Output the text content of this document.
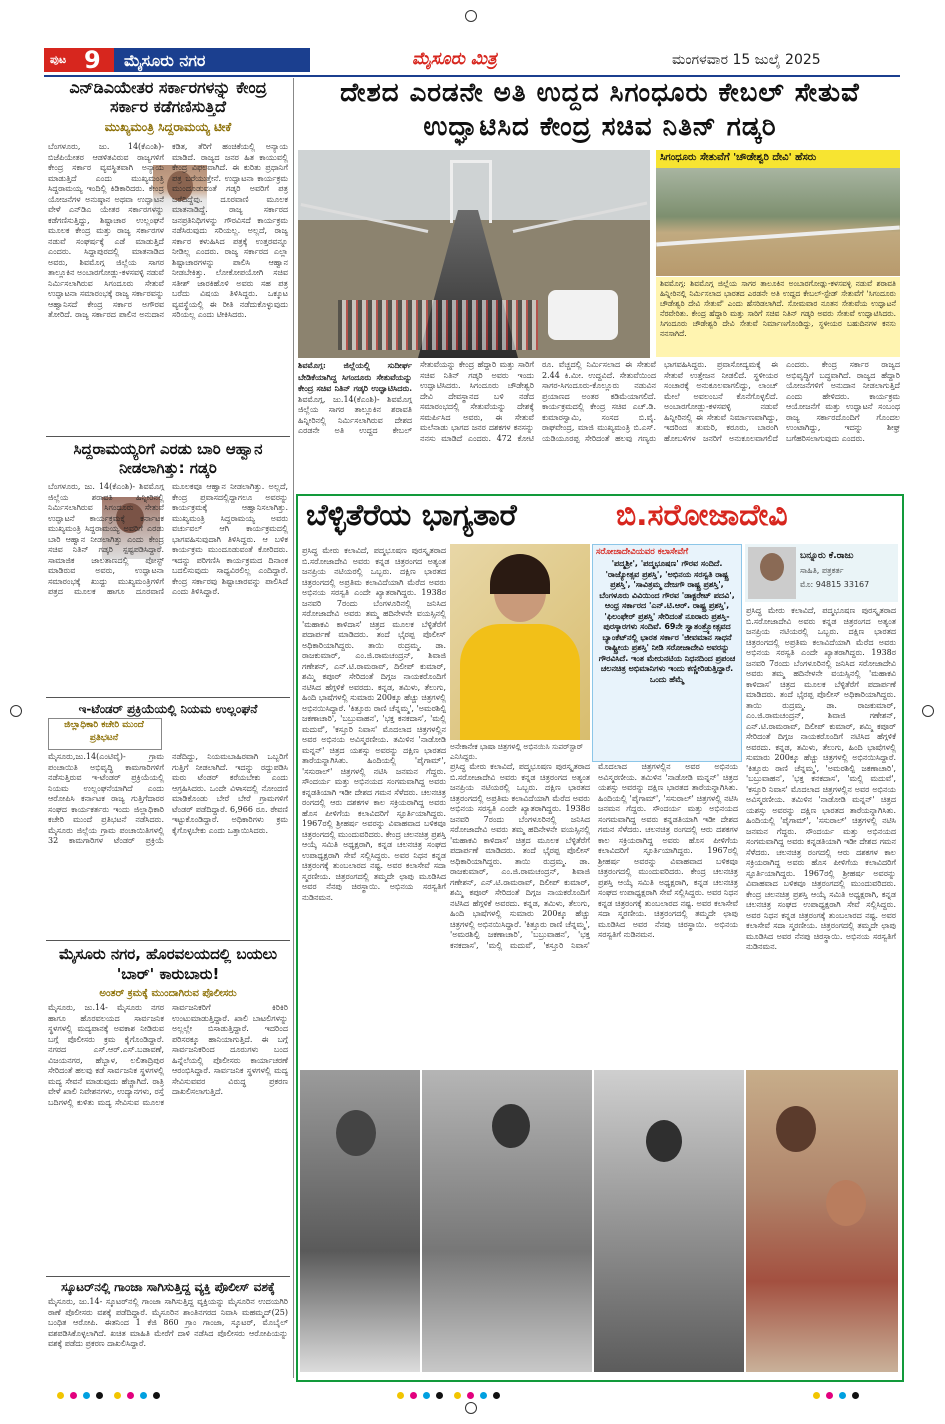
ಪುಟ 9 ಮೈಸೂರು ನಗರ	ಮೈಸೂರು ಮಿತ್ರ	ಮಂಗಳವಾರ 15 ಜುಲೈ 2025
ಎನ್‌ಡಿಎಯೇತರ ಸರ್ಕಾರಗಳನ್ನು ಕೇಂದ್ರ ಸರ್ಕಾರ ಕಡೆಗಣಿಸುತ್ತಿದೆ
ಮುಖ್ಯಮಂತ್ರಿ ಸಿದ್ದರಾಮಯ್ಯ ಟೀಕೆ
ಬೆಂಗಳೂರು, ಜು. 14(ಕೆಎಂಶಿ)- ಬಿಜೆಪಿಯೇತರ ಆಡಳಿತವಿರುವ ರಾಜ್ಯಗಳಿಗೆ ಕೇಂದ್ರ ಸರ್ಕಾರ ವ್ಯವಸ್ಥಿತವಾಗಿ ಅನ್ಯಾಯ ಮಾಡುತ್ತಿದೆ ಎಂದು ಮುಖ್ಯಮಂತ್ರಿ ಸಿದ್ದರಾಮಯ್ಯ ಇಂದಿಲ್ಲಿ ಕಿಡಿಕಾರಿದರು. ಕೇಂದ್ರ ಯೋಜನೆಗಳ ಅನುಷ್ಠಾನ ಅಥವಾ ಉದ್ಘಾಟನೆ ವೇಳೆ ಎನ್‌ಡಿಎ ಯೇತರ ಸರ್ಕಾರಗಳನ್ನು ಕಡೆಗಣಿಸುತ್ತಿದ್ದು, ಶಿಷ್ಟಾಚಾರ ಉಲ್ಲಂಘನೆ ಮೂಲಕ ಕೇಂದ್ರ ಮತ್ತು ರಾಜ್ಯ ಸರ್ಕಾರಗಳ ನಡುವೆ ಸಂಘರ್ಷಕ್ಕೆ ಎಡೆ ಮಾಡುತ್ತಿದೆ ಎಂದರು. ಸಿದ್ದಾಪುರದಲ್ಲಿ ಮಾತನಾಡಿದ ಅವರು, ಶಿವಮೊಗ್ಗ ಜಿಲ್ಲೆಯ ಸಾಗರ ತಾಲ್ಲೂಕಿನ ಅಂಬಾರಗೋಡ್ಲು-ಕಳಸವಳ್ಳಿ ನಡುವೆ ನಿರ್ಮಿಸಲಾಗಿರುವ ಸಿಗಂದೂರು ಸೇತುವೆ ಉದ್ಘಾಟನಾ ಸಮಾರಂಭಕ್ಕೆ ರಾಜ್ಯ ಸರ್ಕಾರವನ್ನು ಆಹ್ವಾನಿಸದೆ ಕೇಂದ್ರ ಸರ್ಕಾರ ಅಗೌರವ ತೋರಿದೆ. ರಾಜ್ಯ ಸರ್ಕಾರದ ಪಾಲಿನ ಅನುದಾನ ಕಡಿತ, ತೆರಿಗೆ ಹಂಚಿಕೆಯಲ್ಲಿ ಅನ್ಯಾಯ ಮಾಡಿದೆ. ರಾಜ್ಯದ ಜನರ ಹಿತ ಕಾಯುವಲ್ಲಿ ಕೇಂದ್ರ ವಿಫಲವಾಗಿದೆ. ಈ ಕುರಿತು ಪ್ರಧಾನಿಗೆ ಪತ್ರ ಬರೆಯುತ್ತೇನೆ. ಉದ್ಘಾಟನಾ ಕಾರ್ಯಕ್ರಮ ಮುಂದೂಡುವಂತೆ ಗಡ್ಕರಿ ಅವರಿಗೆ ಪತ್ರ ಬರೆದಿದ್ದೆವು. ದೂರವಾಣಿ ಮೂಲಕ ಮಾತನಾಡಿದ್ದೆ. ರಾಜ್ಯ ಸರ್ಕಾರದ ಜನಪ್ರತಿನಿಧಿಗಳನ್ನು ಗೌರವಿಸದೆ ಕಾರ್ಯಕ್ರಮ ನಡೆಸಿರುವುದು ಸರಿಯಲ್ಲ. ಅಲ್ಲದೆ, ರಾಜ್ಯ ಸರ್ಕಾರ ಕಳುಹಿಸಿದ ಪತ್ರಕ್ಕೆ ಉತ್ತರವನ್ನೂ ನೀಡಿಲ್ಲ ಎಂದರು. ರಾಜ್ಯ ಸರ್ಕಾರದ ಎಲ್ಲಾ ಶಿಷ್ಟಾಚಾರಗಳನ್ನು ಪಾಲಿಸಿ ಆಹ್ವಾನ ನೀಡಬೇಕಿತ್ತು. ಲೋಕೋಪಯೋಗಿ ಸಚಿವ ಸತೀಶ್ ಜಾರಕಿಹೊಳಿ ಅವರು ಸಹ ಪತ್ರ ಬರೆದು ವಿಷಯ ತಿಳಿಸಿದ್ದರು. ಒಕ್ಕೂಟ ವ್ಯವಸ್ಥೆಯಲ್ಲಿ ಈ ರೀತಿ ನಡೆದುಕೊಳ್ಳುವುದು ಸರಿಯಲ್ಲ ಎಂದು ಟೀಕಿಸಿದರು.
ಸಿದ್ದರಾಮಯ್ಯರಿಗೆ ಎರಡು ಬಾರಿ ಆಹ್ವಾನ ನೀಡಲಾಗಿತ್ತು: ಗಡ್ಕರಿ
ಬೆಂಗಳೂರು, ಜು. 14(ಕೆಎಂಶಿ)- ಶಿವಮೊಗ್ಗ ಜಿಲ್ಲೆಯ ಶರಾವತಿ ಹಿನ್ನೀರಿನಲ್ಲಿ ನಿರ್ಮಿಸಲಾಗಿರುವ ಸಿಗಂದೂರು ಸೇತುವೆ ಉದ್ಘಾಟನೆ ಕಾರ್ಯಕ್ರಮಕ್ಕೆ ಕರ್ನಾಟಕ ಮುಖ್ಯಮಂತ್ರಿ ಸಿದ್ದರಾಮಯ್ಯ ಅವರಿಗೆ ಎರಡು ಬಾರಿ ಆಹ್ವಾನ ನೀಡಲಾಗಿತ್ತು ಎಂದು ಕೇಂದ್ರ ಸಚಿವ ನಿತಿನ್ ಗಡ್ಕರಿ ಸ್ಪಷ್ಟಪಡಿಸಿದ್ದಾರೆ. ಸಾಮಾಜಿಕ ಜಾಲತಾಣದಲ್ಲಿ ಪೋಸ್ಟ್ ಮಾಡಿರುವ ಅವರು, ಉದ್ಘಾಟನಾ ಸಮಾರಂಭಕ್ಕೆ ಖುದ್ದು ಮುಖ್ಯಮಂತ್ರಿಗಳಿಗೆ ಪತ್ರದ ಮೂಲಕ ಹಾಗೂ ದೂರವಾಣಿ ಮೂಲಕವೂ ಆಹ್ವಾನ ನೀಡಲಾಗಿತ್ತು. ಅಲ್ಲದೆ, ಕೇಂದ್ರ ಪ್ರವಾಸದಲ್ಲಿದ್ದಾಗಲೂ ಅವರನ್ನು ಕಾರ್ಯಕ್ರಮಕ್ಕೆ ಆಹ್ವಾನಿಸಲಾಗಿತ್ತು. ಮುಖ್ಯಮಂತ್ರಿ ಸಿದ್ದರಾಮಯ್ಯ ಅವರು ವರ್ಚುವಲ್ ಆಗಿ ಕಾರ್ಯಕ್ರಮದಲ್ಲಿ ಭಾಗವಹಿಸುವುದಾಗಿ ತಿಳಿಸಿದ್ದರು. ಆ ಬಳಿಕ ಕಾರ್ಯಕ್ರಮ ಮುಂದೂಡುವಂತೆ ಕೋರಿದರು. ಇದನ್ನು ಪರಿಗಣಿಸಿ ಕಾರ್ಯಕ್ರಮದ ದಿನಾಂಕ ಬದಲಿಸುವುದು ಸಾಧ್ಯವಿರಲಿಲ್ಲ ಎಂದಿದ್ದಾರೆ. ಕೇಂದ್ರ ಸರ್ಕಾರವು ಶಿಷ್ಟಾಚಾರವನ್ನು ಪಾಲಿಸಿದೆ ಎಂದು ತಿಳಿಸಿದ್ದಾರೆ.
ಇ-ಟೆಂಡರ್ ಪ್ರಕ್ರಿಯೆಯಲ್ಲಿ ನಿಯಮ ಉಲ್ಲಂಘನೆ
ಜಿಲ್ಲಾಧಿಕಾರಿ ಕಚೇರಿ ಮುಂದೆ ಪ್ರತಿಭಟನೆ
ಮೈಸೂರು,ಜು.14(ಎಂಟಿವೈ)- ಗ್ರಾಮ ಪಂಚಾಯಿತಿ ಅಭಿವೃದ್ಧಿ ಕಾಮಗಾರಿಗಳಿಗೆ ನಡೆಸುತ್ತಿರುವ ಇ-ಟೆಂಡರ್ ಪ್ರಕ್ರಿಯೆಯಲ್ಲಿ ನಿಯಮ ಉಲ್ಲಂಘನೆಯಾಗಿದೆ ಎಂದು ಆರೋಪಿಸಿ ಕರ್ನಾಟಕ ರಾಜ್ಯ ಗುತ್ತಿಗೆದಾರರ ಸಂಘದ ಕಾರ್ಯಕರ್ತರು ಇಂದು ಜಿಲ್ಲಾಧಿಕಾರಿ ಕಚೇರಿ ಮುಂದೆ ಪ್ರತಿಭಟನೆ ನಡೆಸಿದರು. ಮೈಸೂರು ಜಿಲ್ಲೆಯ ಗ್ರಾಮ ಪಂಚಾಯಿತಿಗಳಲ್ಲಿ 32 ಕಾಮಗಾರಿಗಳ ಟೆಂಡರ್ ಪ್ರಕ್ರಿಯೆ ನಡೆದಿದ್ದು, ನಿಯಮಬಾಹಿರವಾಗಿ ಒಬ್ಬರಿಗೆ ಗುತ್ತಿಗೆ ನೀಡಲಾಗಿದೆ. ಇದನ್ನು ರದ್ದುಪಡಿಸಿ ಮರು ಟೆಂಡರ್ ಕರೆಯಬೇಕು ಎಂದು ಆಗ್ರಹಿಸಿದರು. ಒಂದೇ ವಿಳಾಸದಲ್ಲಿ ನೋಂದಣಿ ಮಾಡಿಕೊಂಡು ಬೇರೆ ಬೇರೆ ಗ್ರಾಮಗಳಿಗೆ ಟೆಂಡರ್ ಪಡೆದಿದ್ದಾರೆ. 6,966 ರೂ. ಠೇವಣಿ ಇಟ್ಟುಕೊಂಡಿದ್ದಾರೆ. ಅಧಿಕಾರಿಗಳು ಕ್ರಮ ಕೈಗೊಳ್ಳಬೇಕು ಎಂದು ಒತ್ತಾಯಿಸಿದರು.
ಮೈಸೂರು ನಗರ, ಹೊರವಲಯದಲ್ಲಿ ಬಯಲು 'ಬಾರ್' ಕಾರುಬಾರು!
ಅಂತರ್ ಕ್ರಮಕ್ಕೆ ಮುಂದಾಗಿರುವ ಪೊಲೀಸರು
ಮೈಸೂರು, ಜು.14- ಮೈಸೂರು ನಗರ ಹಾಗೂ ಹೊರವಲಯದ ಸಾರ್ವಜನಿಕ ಸ್ಥಳಗಳಲ್ಲಿ ಮದ್ಯಪಾನಕ್ಕೆ ಅವಕಾಶ ನೀಡಿರುವ ಬಗ್ಗೆ ಪೊಲೀಸರು ಕ್ರಮ ಕೈಗೊಂಡಿದ್ದಾರೆ. ನಗರದ ಎಸ್.ಆರ್.ಎಸ್.ಬಡಾವಣೆ, ವಿಜಯನಗರ, ಹೆಬ್ಬಾಳ, ಲಲಿತಾದ್ರಿಪುರ ಸೇರಿದಂತೆ ಹಲವು ಕಡೆ ಸಾರ್ವಜನಿಕ ಸ್ಥಳಗಳಲ್ಲಿ ಮದ್ಯ ಸೇವನೆ ಮಾಡುವುದು ಹೆಚ್ಚಾಗಿದೆ. ರಾತ್ರಿ ವೇಳೆ ಖಾಲಿ ನಿವೇಶನಗಳು, ಉದ್ಯಾನಗಳು, ರಸ್ತೆ ಬದಿಗಳಲ್ಲಿ ಕುಳಿತು ಮದ್ಯ ಸೇವಿಸುವ ಮೂಲಕ ಸಾರ್ವಜನಿಕರಿಗೆ ಕಿರಿಕಿರಿ ಉಂಟುಮಾಡುತ್ತಿದ್ದಾರೆ. ಖಾಲಿ ಬಾಟಲಿಗಳನ್ನು ಅಲ್ಲಲ್ಲೇ ಬಿಸಾಡುತ್ತಿದ್ದಾರೆ. ಇದರಿಂದ ಪರಿಸರಕ್ಕೂ ಹಾನಿಯಾಗುತ್ತಿದೆ. ಈ ಬಗ್ಗೆ ಸಾರ್ವಜನಿಕರಿಂದ ದೂರುಗಳು ಬಂದ ಹಿನ್ನೆಲೆಯಲ್ಲಿ ಪೊಲೀಸರು ಕಾರ್ಯಾಚರಣೆ ಆರಂಭಿಸಿದ್ದಾರೆ. ಸಾರ್ವಜನಿಕ ಸ್ಥಳಗಳಲ್ಲಿ ಮದ್ಯ ಸೇವಿಸುವವರ ವಿರುದ್ಧ ಪ್ರಕರಣ ದಾಖಲಿಸಲಾಗುತ್ತಿದೆ.
ಸ್ಕೂಟರ್‌ನಲ್ಲಿ ಗಾಂಜಾ ಸಾಗಿಸುತ್ತಿದ್ದ ವ್ಯಕ್ತಿ ಪೊಲೀಸ್ ವಶಕ್ಕೆ
ಮೈಸೂರು, ಜು.14- ಸ್ಕೂಟರ್‌ನಲ್ಲಿ ಗಾಂಜಾ ಸಾಗಿಸುತ್ತಿದ್ದ ವ್ಯಕ್ತಿಯನ್ನು ಮೈಸೂರಿನ ಉದಯಗಿರಿ ಠಾಣೆ ಪೊಲೀಸರು ವಶಕ್ಕೆ ಪಡೆದಿದ್ದಾರೆ. ಮೈಸೂರಿನ ಶಾಂತಿನಗರದ ನಿವಾಸಿ ಮಹಮ್ಮದ್(25) ಬಂಧಿತ ಆರೋಪಿ. ಈತನಿಂದ 1 ಕೆಜಿ 860 ಗ್ರಾಂ ಗಾಂಜಾ, ಸ್ಕೂಟರ್, ಮೊಬೈಲ್ ವಶಪಡಿಸಿಕೊಳ್ಳಲಾಗಿದೆ. ಖಚಿತ ಮಾಹಿತಿ ಮೇರೆಗೆ ದಾಳಿ ನಡೆಸಿದ ಪೊಲೀಸರು ಆರೋಪಿಯನ್ನು ವಶಕ್ಕೆ ಪಡೆದು ಪ್ರಕರಣ ದಾಖಲಿಸಿದ್ದಾರೆ.
ದೇಶದ ಎರಡನೇ ಅತಿ ಉದ್ದದ ಸಿಗಂಧೂರು ಕೇಬಲ್ ಸೇತುವೆ ಉದ್ಘಾಟಿಸಿದ ಕೇಂದ್ರ ಸಚಿವ ನಿತಿನ್ ಗಡ್ಕರಿ
ಸಿಗಂಧೂರು ಸೇತುವೆಗೆ 'ಚೌಡೇಶ್ವರಿ ದೇವಿ' ಹೆಸರು
ಶಿವಮೊಗ್ಗ: ಶಿವಮೊಗ್ಗ ಜಿಲ್ಲೆಯ ಸಾಗರ ತಾಲೂಕಿನ ಅಂಬಾರಗೋಡ್ಲು-ಕಳಸವಳ್ಳಿ ನಡುವೆ ಶರಾವತಿ ಹಿನ್ನೀರಿನಲ್ಲಿ ನಿರ್ಮಿಸಲಾದ ಭಾರತದ ಎರಡನೇ ಅತಿ ಉದ್ದದ ಕೇಬಲ್-ಸ್ಟೇಡ್ ಸೇತುವೆಗೆ 'ಸಿಗಂದೂರು ಚೌಡೇಶ್ವರಿ ದೇವಿ ಸೇತುವೆ' ಎಂದು ಹೆಸರಿಡಲಾಗಿದೆ. ಸೋಮವಾರ ನೂತನ ಸೇತುವೆಯ ಉದ್ಘಾಟನೆ ನೆರವೇರಿತು. ಕೇಂದ್ರ ಹೆದ್ದಾರಿ ಮತ್ತು ಸಾರಿಗೆ ಸಚಿವ ನಿತಿನ್ ಗಡ್ಕರಿ ಅವರು ಸೇತುವೆ ಉದ್ಘಾಟಿಸಿದರು. ಸಿಗಂದೂರು ಚೌಡೇಶ್ವರಿ ದೇವಿ ಸೇತುವೆ ನಿರ್ಮಾಣಗೊಂಡಿದ್ದು, ಸ್ಥಳೀಯರ ಬಹುದಿನಗಳ ಕನಸು ನನಸಾಗಿದೆ.
ಶಿವಮೊಗ್ಗ: ಜಿಲ್ಲೆಯಲ್ಲಿ ಸುದೀರ್ಘ ಬೇಡಿಕೆಯಾಗಿದ್ದ ಸಿಗಂದೂರು ಸೇತುವೆಯನ್ನು ಕೇಂದ್ರ ಸಚಿವ ನಿತಿನ್ ಗಡ್ಕರಿ ಉದ್ಘಾಟಿಸಿದರು. ಶಿವಮೊಗ್ಗ, ಜು.14(ಕೆಎಂಶಿ)- ಶಿವಮೊಗ್ಗ ಜಿಲ್ಲೆಯ ಸಾಗರ ತಾಲ್ಲೂಕಿನ ಶರಾವತಿ ಹಿನ್ನೀರಿನಲ್ಲಿ ನಿರ್ಮಿಸಲಾಗಿರುವ ದೇಶದ ಎರಡನೇ ಅತಿ ಉದ್ದದ ಕೇಬಲ್ ಸೇತುವೆಯನ್ನು ಕೇಂದ್ರ ಹೆದ್ದಾರಿ ಮತ್ತು ಸಾರಿಗೆ ಸಚಿವ ನಿತಿನ್ ಗಡ್ಕರಿ ಅವರು ಇಂದು ಉದ್ಘಾಟಿಸಿದರು. ಸಿಗಂದೂರು ಚೌಡೇಶ್ವರಿ ದೇವಿ ದೇವಸ್ಥಾನದ ಬಳಿ ನಡೆದ ಸಮಾರಂಭದಲ್ಲಿ ಸೇತುವೆಯನ್ನು ದೇಶಕ್ಕೆ ಸಮರ್ಪಿಸಿದ ಅವರು, ಈ ಸೇತುವೆ ಮಲೆನಾಡು ಭಾಗದ ಜನರ ದಶಕಗಳ ಕನಸನ್ನು ನನಸು ಮಾಡಿದೆ ಎಂದರು. 472 ಕೋಟಿ ರೂ. ವೆಚ್ಚದಲ್ಲಿ ನಿರ್ಮಿಸಲಾದ ಈ ಸೇತುವೆ 2.44 ಕಿ.ಮೀ. ಉದ್ದವಿದೆ. ಸೇತುವೆಯಿಂದ ಸಾಗರ-ಸಿಗಂದೂರು-ಕೊಲ್ಲೂರು ನಡುವಿನ ಪ್ರಯಾಣದ ಅಂತರ ಕಡಿಮೆಯಾಗಲಿದೆ. ಕಾರ್ಯಕ್ರಮದಲ್ಲಿ ಕೇಂದ್ರ ಸಚಿವ ಎಚ್.ಡಿ. ಕುಮಾರಸ್ವಾಮಿ, ಸಂಸದ ಬಿ.ವೈ. ರಾಘವೇಂದ್ರ, ಮಾಜಿ ಮುಖ್ಯಮಂತ್ರಿ ಬಿ.ಎಸ್. ಯಡಿಯೂರಪ್ಪ ಸೇರಿದಂತೆ ಹಲವು ಗಣ್ಯರು ಭಾಗವಹಿಸಿದ್ದರು. ಪ್ರವಾಸೋದ್ಯಮಕ್ಕೆ ಈ ಸೇತುವೆ ಉತ್ತೇಜನ ನೀಡಲಿದೆ. ಸ್ಥಳೀಯರ ಸಂಚಾರಕ್ಕೆ ಅನುಕೂಲವಾಗಲಿದ್ದು, ಲಾಂಚ್ ಮೇಲೆ ಅವಲಂಬನೆ ಕೊನೆಗೊಳ್ಳಲಿದೆ. ಅಂಬಾರಗೋಡ್ಲು-ಕಳಸವಳ್ಳಿ ನಡುವೆ ಹಿನ್ನೀರಿನಲ್ಲಿ ಈ ಸೇತುವೆ ನಿರ್ಮಾಣವಾಗಿದ್ದು, ಇದರಿಂದ ತುಮರಿ, ಕರೂರು, ಬಾರಂಗಿ ಹೋಬಳಿಗಳ ಜನರಿಗೆ ಅನುಕೂಲವಾಗಲಿದೆ ಎಂದರು. ಕೇಂದ್ರ ಸರ್ಕಾರ ರಾಜ್ಯದ ಅಭಿವೃದ್ಧಿಗೆ ಬದ್ಧವಾಗಿದೆ. ರಾಜ್ಯದ ಹೆದ್ದಾರಿ ಯೋಜನೆಗಳಿಗೆ ಅನುದಾನ ನೀಡಲಾಗುತ್ತಿದೆ ಎಂದು ಹೇಳಿದರು. ಕಾರ್ಯಕ್ರಮ ಆಯೋಜನೆಗೆ ಮತ್ತು ಉದ್ಘಾಟನೆ ಸಂಬಂಧ ರಾಜ್ಯ ಸರ್ಕಾರದೊಂದಿಗೆ ಗೊಂದಲ ಉಂಟಾಗಿದ್ದು, ಇದನ್ನು ಶೀಘ್ರ ಬಗೆಹರಿಸಲಾಗುವುದು ಎಂದರು.
ಬೆಳ್ಳಿತೆರೆಯ ಭಾಗ್ಯತಾರೆ	ಬಿ.ಸರೋಜಾದೇವಿ
ಅನೇಕಾನೇಕ ಭಾಷಾ ಚಿತ್ರಗಳಲ್ಲಿ ಅಭಿನಯಿಸಿ ಸುಪರ್‌ಸ್ಟಾರ್ ಎನಿಸಿದ್ದರು.
ಸರೋಜಾದೇವಿಯವರ ಕಲಾಸೇವೆಗೆ
'ಪದ್ಮಶ್ರೀ', 'ಪದ್ಮಭೂಷಣ' ಗೌರವ ಸಂದಿದೆ. 'ರಾಜ್ಯೋತ್ಸವ ಪ್ರಶಸ್ತಿ', 'ಅಭಿನಯ ಸರಸ್ವತಿ ರಾಷ್ಟ್ರ ಪ್ರಶಸ್ತಿ', 'ಸಾವಿತ್ರಮ್ಮ ದೇಜಗೌ ರಾಷ್ಟ್ರ ಪ್ರಶಸ್ತಿ', ಬೆಂಗಳೂರು ವಿವಿಯಿಂದ ಗೌರವ 'ಡಾಕ್ಟರೇಟ್ ಪದವಿ', ಆಂಧ್ರ ಸರ್ಕಾರದ 'ಎನ್.ಟಿ.ಆರ್. ರಾಷ್ಟ್ರ ಪ್ರಶಸ್ತಿ', 'ಫಿಲಂಫೇರ್ ಪ್ರಶಸ್ತಿ' ಸೇರಿದಂತೆ ನೂರಾರು ಪ್ರಶಸ್ತಿ-ಪುರಸ್ಕಾರಗಳು ಸಂದಿವೆ. 69ನೇ ಸ್ವಾತಂತ್ರ್ಯೋತ್ಸವದ ಬ್ಯಾಂಕೆಟ್‌ನಲ್ಲಿ ಭಾರತ ಸರ್ಕಾರ 'ಜೀವಮಾನ ಸಾಧನೆ ರಾಷ್ಟ್ರೀಯ ಪ್ರಶಸ್ತಿ' ನೀಡಿ ಸರೋಜಾದೇವಿ ಅವರನ್ನು ಗೌರವಿಸಿದೆ. ಇಂತ ಮೇರುನಟಿಯ ನಿಧನದಿಂದ ಪ್ರಪಂಚ ಚಲನಚಿತ್ರ ಅಭಿಮಾನಿಗಳು ಇಂದು ಕಣ್ಣೀರಿಡುತ್ತಿದ್ದಾರೆ. ಒಂದು ಹೆಮ್ಮೆ
ಬನ್ನೂರು ಕೆ.ರಾಜು
ಸಾಹಿತಿ, ಪತ್ರಕರ್ತ
ಮೊ: 94815 33167
ಪ್ರಸಿದ್ಧ ಮೇರು ಕಲಾವಿದೆ, ಪದ್ಮಭೂಷಣ ಪುರಸ್ಕೃತರಾದ ಬಿ.ಸರೋಜಾದೇವಿ ಅವರು ಕನ್ನಡ ಚಿತ್ರರಂಗದ ಅತ್ಯಂತ ಜನಪ್ರಿಯ ನಟಿಯರಲ್ಲಿ ಒಬ್ಬರು. ದಕ್ಷಿಣ ಭಾರತದ ಚಿತ್ರರಂಗದಲ್ಲಿ ಅಪ್ರತಿಮ ಕಲಾವಿದೆಯಾಗಿ ಮೆರೆದ ಅವರು ಅಭಿನಯ ಸರಸ್ವತಿ ಎಂದೇ ಖ್ಯಾತರಾಗಿದ್ದರು. 1938ರ ಜನವರಿ 7ರಂದು ಬೆಂಗಳೂರಿನಲ್ಲಿ ಜನಿಸಿದ ಸರೋಜಾದೇವಿ ಅವರು ತಮ್ಮ ಹದಿನೇಳನೇ ವಯಸ್ಸಿನಲ್ಲಿ 'ಮಹಾಕವಿ ಕಾಳಿದಾಸ' ಚಿತ್ರದ ಮೂಲಕ ಬೆಳ್ಳಿತೆರೆಗೆ ಪದಾರ್ಪಣೆ ಮಾಡಿದರು. ತಂದೆ ಭೈರಪ್ಪ ಪೊಲೀಸ್ ಅಧಿಕಾರಿಯಾಗಿದ್ದರು. ತಾಯಿ ರುದ್ರಮ್ಮ. ಡಾ. ರಾಜಕುಮಾರ್, ಎಂ.ಜಿ.ರಾಮಚಂದ್ರನ್, ಶಿವಾಜಿ ಗಣೇಶನ್, ಎನ್.ಟಿ.ರಾಮರಾವ್, ದಿಲೀಪ್ ಕುಮಾರ್, ಶಮ್ಮಿ ಕಪೂರ್ ಸೇರಿದಂತೆ ದಿಗ್ಗಜ ನಾಯಕರೊಂದಿಗೆ ನಟಿಸಿದ ಹೆಗ್ಗಳಿಕೆ ಅವರದು. ಕನ್ನಡ, ತಮಿಳು, ತೆಲುಗು, ಹಿಂದಿ ಭಾಷೆಗಳಲ್ಲಿ ಸುಮಾರು 200ಕ್ಕೂ ಹೆಚ್ಚು ಚಿತ್ರಗಳಲ್ಲಿ ಅಭಿನಯಿಸಿದ್ದಾರೆ. 'ಕಿತ್ತೂರು ರಾಣಿ ಚೆನ್ನಮ್ಮ', 'ಅಮರಶಿಲ್ಪಿ ಜಕಣಾಚಾರಿ', 'ಬಬ್ರುವಾಹನ', 'ಭಕ್ತ ಕನಕದಾಸ', 'ಮಲ್ಲಿ ಮದುವೆ', 'ಕಸ್ತೂರಿ ನಿವಾಸ' ಮೊದಲಾದ ಚಿತ್ರಗಳಲ್ಲಿನ ಅವರ ಅಭಿನಯ ಅವಿಸ್ಮರಣೀಯ. ತಮಿಳಿನ 'ನಾಡೋಡಿ ಮನ್ನನ್' ಚಿತ್ರದ ಯಶಸ್ಸು ಅವರನ್ನು ದಕ್ಷಿಣ ಭಾರತದ ತಾರೆಯನ್ನಾಗಿಸಿತು. ಹಿಂದಿಯಲ್ಲಿ 'ಪೈಗಾಮ್', 'ಸಸುರಾಲ್' ಚಿತ್ರಗಳಲ್ಲಿ ನಟಿಸಿ ಜನಮನ ಗೆದ್ದರು. ಸೌಂದರ್ಯ ಮತ್ತು ಅಭಿನಯದ ಸಂಗಮವಾಗಿದ್ದ ಅವರು ಕನ್ನಡತಿಯಾಗಿ ಇಡೀ ದೇಶದ ಗಮನ ಸೆಳೆದರು. ಚಲನಚಿತ್ರ ರಂಗದಲ್ಲಿ ಆರು ದಶಕಗಳ ಕಾಲ ಸಕ್ರಿಯರಾಗಿದ್ದ ಅವರು ಹೊಸ ಪೀಳಿಗೆಯ ಕಲಾವಿದರಿಗೆ ಸ್ಫೂರ್ತಿಯಾಗಿದ್ದರು. 1967ರಲ್ಲಿ ಶ್ರೀಹರ್ಷ ಅವರನ್ನು ವಿವಾಹವಾದ ಬಳಿಕವೂ ಚಿತ್ರರಂಗದಲ್ಲಿ ಮುಂದುವರಿದರು. ಕೇಂದ್ರ ಚಲನಚಿತ್ರ ಪ್ರಶಸ್ತಿ ಆಯ್ಕೆ ಸಮಿತಿ ಅಧ್ಯಕ್ಷರಾಗಿ, ಕನ್ನಡ ಚಲನಚಿತ್ರ ಸಂಘದ ಉಪಾಧ್ಯಕ್ಷರಾಗಿ ಸೇವೆ ಸಲ್ಲಿಸಿದ್ದರು. ಅವರ ನಿಧನ ಕನ್ನಡ ಚಿತ್ರರಂಗಕ್ಕೆ ತುಂಬಲಾರದ ನಷ್ಟ. ಅವರ ಕಲಾಸೇವೆ ಸದಾ ಸ್ಮರಣೀಯ. ಚಿತ್ರರಂಗದಲ್ಲಿ ತಮ್ಮದೇ ಛಾಪು ಮೂಡಿಸಿದ ಅವರ ನೆನಪು ಚಿರಸ್ಥಾಯಿ. ಅಭಿನಯ ಸರಸ್ವತಿಗೆ ನುಡಿನಮನ.
ಪ್ರಸಿದ್ಧ ಮೇರು ಕಲಾವಿದೆ, ಪದ್ಮಭೂಷಣ ಪುರಸ್ಕೃತರಾದ ಬಿ.ಸರೋಜಾದೇವಿ ಅವರು ಕನ್ನಡ ಚಿತ್ರರಂಗದ ಅತ್ಯಂತ ಜನಪ್ರಿಯ ನಟಿಯರಲ್ಲಿ ಒಬ್ಬರು. ದಕ್ಷಿಣ ಭಾರತದ ಚಿತ್ರರಂಗದಲ್ಲಿ ಅಪ್ರತಿಮ ಕಲಾವಿದೆಯಾಗಿ ಮೆರೆದ ಅವರು ಅಭಿನಯ ಸರಸ್ವತಿ ಎಂದೇ ಖ್ಯಾತರಾಗಿದ್ದರು. 1938ರ ಜನವರಿ 7ರಂದು ಬೆಂಗಳೂರಿನಲ್ಲಿ ಜನಿಸಿದ ಸರೋಜಾದೇವಿ ಅವರು ತಮ್ಮ ಹದಿನೇಳನೇ ವಯಸ್ಸಿನಲ್ಲಿ 'ಮಹಾಕವಿ ಕಾಳಿದಾಸ' ಚಿತ್ರದ ಮೂಲಕ ಬೆಳ್ಳಿತೆರೆಗೆ ಪದಾರ್ಪಣೆ ಮಾಡಿದರು. ತಂದೆ ಭೈರಪ್ಪ ಪೊಲೀಸ್ ಅಧಿಕಾರಿಯಾಗಿದ್ದರು. ತಾಯಿ ರುದ್ರಮ್ಮ. ಡಾ. ರಾಜಕುಮಾರ್, ಎಂ.ಜಿ.ರಾಮಚಂದ್ರನ್, ಶಿವಾಜಿ ಗಣೇಶನ್, ಎನ್.ಟಿ.ರಾಮರಾವ್, ದಿಲೀಪ್ ಕುಮಾರ್, ಶಮ್ಮಿ ಕಪೂರ್ ಸೇರಿದಂತೆ ದಿಗ್ಗಜ ನಾಯಕರೊಂದಿಗೆ ನಟಿಸಿದ ಹೆಗ್ಗಳಿಕೆ ಅವರದು. ಕನ್ನಡ, ತಮಿಳು, ತೆಲುಗು, ಹಿಂದಿ ಭಾಷೆಗಳಲ್ಲಿ ಸುಮಾರು 200ಕ್ಕೂ ಹೆಚ್ಚು ಚಿತ್ರಗಳಲ್ಲಿ ಅಭಿನಯಿಸಿದ್ದಾರೆ. 'ಕಿತ್ತೂರು ರಾಣಿ ಚೆನ್ನಮ್ಮ', 'ಅಮರಶಿಲ್ಪಿ ಜಕಣಾಚಾರಿ', 'ಬಬ್ರುವಾಹನ', 'ಭಕ್ತ ಕನಕದಾಸ', 'ಮಲ್ಲಿ ಮದುವೆ', 'ಕಸ್ತೂರಿ ನಿವಾಸ' ಮೊದಲಾದ ಚಿತ್ರಗಳಲ್ಲಿನ ಅವರ ಅಭಿನಯ ಅವಿಸ್ಮರಣೀಯ. ತಮಿಳಿನ 'ನಾಡೋಡಿ ಮನ್ನನ್' ಚಿತ್ರದ ಯಶಸ್ಸು ಅವರನ್ನು ದಕ್ಷಿಣ ಭಾರತದ ತಾರೆಯನ್ನಾಗಿಸಿತು. ಹಿಂದಿಯಲ್ಲಿ 'ಪೈಗಾಮ್', 'ಸಸುರಾಲ್' ಚಿತ್ರಗಳಲ್ಲಿ ನಟಿಸಿ ಜನಮನ ಗೆದ್ದರು. ಸೌಂದರ್ಯ ಮತ್ತು ಅಭಿನಯದ ಸಂಗಮವಾಗಿದ್ದ ಅವರು ಕನ್ನಡತಿಯಾಗಿ ಇಡೀ ದೇಶದ ಗಮನ ಸೆಳೆದರು. ಚಲನಚಿತ್ರ ರಂಗದಲ್ಲಿ ಆರು ದಶಕಗಳ ಕಾಲ ಸಕ್ರಿಯರಾಗಿದ್ದ ಅವರು ಹೊಸ ಪೀಳಿಗೆಯ ಕಲಾವಿದರಿಗೆ ಸ್ಫೂರ್ತಿಯಾಗಿದ್ದರು. 1967ರಲ್ಲಿ ಶ್ರೀಹರ್ಷ ಅವರನ್ನು ವಿವಾಹವಾದ ಬಳಿಕವೂ ಚಿತ್ರರಂಗದಲ್ಲಿ ಮುಂದುವರಿದರು. ಕೇಂದ್ರ ಚಲನಚಿತ್ರ ಪ್ರಶಸ್ತಿ ಆಯ್ಕೆ ಸಮಿತಿ ಅಧ್ಯಕ್ಷರಾಗಿ, ಕನ್ನಡ ಚಲನಚಿತ್ರ ಸಂಘದ ಉಪಾಧ್ಯಕ್ಷರಾಗಿ ಸೇವೆ ಸಲ್ಲಿಸಿದ್ದರು. ಅವರ ನಿಧನ ಕನ್ನಡ ಚಿತ್ರರಂಗಕ್ಕೆ ತುಂಬಲಾರದ ನಷ್ಟ. ಅವರ ಕಲಾಸೇವೆ ಸದಾ ಸ್ಮರಣೀಯ. ಚಿತ್ರರಂಗದಲ್ಲಿ ತಮ್ಮದೇ ಛಾಪು ಮೂಡಿಸಿದ ಅವರ ನೆನಪು ಚಿರಸ್ಥಾಯಿ. ಅಭಿನಯ ಸರಸ್ವತಿಗೆ ನುಡಿನಮನ.
ಪ್ರಸಿದ್ಧ ಮೇರು ಕಲಾವಿದೆ, ಪದ್ಮಭೂಷಣ ಪುರಸ್ಕೃತರಾದ ಬಿ.ಸರೋಜಾದೇವಿ ಅವರು ಕನ್ನಡ ಚಿತ್ರರಂಗದ ಅತ್ಯಂತ ಜನಪ್ರಿಯ ನಟಿಯರಲ್ಲಿ ಒಬ್ಬರು. ದಕ್ಷಿಣ ಭಾರತದ ಚಿತ್ರರಂಗದಲ್ಲಿ ಅಪ್ರತಿಮ ಕಲಾವಿದೆಯಾಗಿ ಮೆರೆದ ಅವರು ಅಭಿನಯ ಸರಸ್ವತಿ ಎಂದೇ ಖ್ಯಾತರಾಗಿದ್ದರು. 1938ರ ಜನವರಿ 7ರಂದು ಬೆಂಗಳೂರಿನಲ್ಲಿ ಜನಿಸಿದ ಸರೋಜಾದೇವಿ ಅವರು ತಮ್ಮ ಹದಿನೇಳನೇ ವಯಸ್ಸಿನಲ್ಲಿ 'ಮಹಾಕವಿ ಕಾಳಿದಾಸ' ಚಿತ್ರದ ಮೂಲಕ ಬೆಳ್ಳಿತೆರೆಗೆ ಪದಾರ್ಪಣೆ ಮಾಡಿದರು. ತಂದೆ ಭೈರಪ್ಪ ಪೊಲೀಸ್ ಅಧಿಕಾರಿಯಾಗಿದ್ದರು. ತಾಯಿ ರುದ್ರಮ್ಮ. ಡಾ. ರಾಜಕುಮಾರ್, ಎಂ.ಜಿ.ರಾಮಚಂದ್ರನ್, ಶಿವಾಜಿ ಗಣೇಶನ್, ಎನ್.ಟಿ.ರಾಮರಾವ್, ದಿಲೀಪ್ ಕುಮಾರ್, ಶಮ್ಮಿ ಕಪೂರ್ ಸೇರಿದಂತೆ ದಿಗ್ಗಜ ನಾಯಕರೊಂದಿಗೆ ನಟಿಸಿದ ಹೆಗ್ಗಳಿಕೆ ಅವರದು. ಕನ್ನಡ, ತಮಿಳು, ತೆಲುಗು, ಹಿಂದಿ ಭಾಷೆಗಳಲ್ಲಿ ಸುಮಾರು 200ಕ್ಕೂ ಹೆಚ್ಚು ಚಿತ್ರಗಳಲ್ಲಿ ಅಭಿನಯಿಸಿದ್ದಾರೆ. 'ಕಿತ್ತೂರು ರಾಣಿ ಚೆನ್ನಮ್ಮ', 'ಅಮರಶಿಲ್ಪಿ ಜಕಣಾಚಾರಿ', 'ಬಬ್ರುವಾಹನ', 'ಭಕ್ತ ಕನಕದಾಸ', 'ಮಲ್ಲಿ ಮದುವೆ', 'ಕಸ್ತೂರಿ ನಿವಾಸ' ಮೊದಲಾದ ಚಿತ್ರಗಳಲ್ಲಿನ ಅವರ ಅಭಿನಯ ಅವಿಸ್ಮರಣೀಯ. ತಮಿಳಿನ 'ನಾಡೋಡಿ ಮನ್ನನ್' ಚಿತ್ರದ ಯಶಸ್ಸು ಅವರನ್ನು ದಕ್ಷಿಣ ಭಾರತದ ತಾರೆಯನ್ನಾಗಿಸಿತು. ಹಿಂದಿಯಲ್ಲಿ 'ಪೈಗಾಮ್', 'ಸಸುರಾಲ್' ಚಿತ್ರಗಳಲ್ಲಿ ನಟಿಸಿ ಜನಮನ ಗೆದ್ದರು. ಸೌಂದರ್ಯ ಮತ್ತು ಅಭಿನಯದ ಸಂಗಮವಾಗಿದ್ದ ಅವರು ಕನ್ನಡತಿಯಾಗಿ ಇಡೀ ದೇಶದ ಗಮನ ಸೆಳೆದರು. ಚಲನಚಿತ್ರ ರಂಗದಲ್ಲಿ ಆರು ದಶಕಗಳ ಕಾಲ ಸಕ್ರಿಯರಾಗಿದ್ದ ಅವರು ಹೊಸ ಪೀಳಿಗೆಯ ಕಲಾವಿದರಿಗೆ ಸ್ಫೂರ್ತಿಯಾಗಿದ್ದರು. 1967ರಲ್ಲಿ ಶ್ರೀಹರ್ಷ ಅವರನ್ನು ವಿವಾಹವಾದ ಬಳಿಕವೂ ಚಿತ್ರರಂಗದಲ್ಲಿ ಮುಂದುವರಿದರು. ಕೇಂದ್ರ ಚಲನಚಿತ್ರ ಪ್ರಶಸ್ತಿ ಆಯ್ಕೆ ಸಮಿತಿ ಅಧ್ಯಕ್ಷರಾಗಿ, ಕನ್ನಡ ಚಲನಚಿತ್ರ ಸಂಘದ ಉಪಾಧ್ಯಕ್ಷರಾಗಿ ಸೇವೆ ಸಲ್ಲಿಸಿದ್ದರು. ಅವರ ನಿಧನ ಕನ್ನಡ ಚಿತ್ರರಂಗಕ್ಕೆ ತುಂಬಲಾರದ ನಷ್ಟ. ಅವರ ಕಲಾಸೇವೆ ಸದಾ ಸ್ಮರಣೀಯ. ಚಿತ್ರರಂಗದಲ್ಲಿ ತಮ್ಮದೇ ಛಾಪು ಮೂಡಿಸಿದ ಅವರ ನೆನಪು ಚಿರಸ್ಥಾಯಿ. ಅಭಿನಯ ಸರಸ್ವತಿಗೆ ನುಡಿನಮನ.
